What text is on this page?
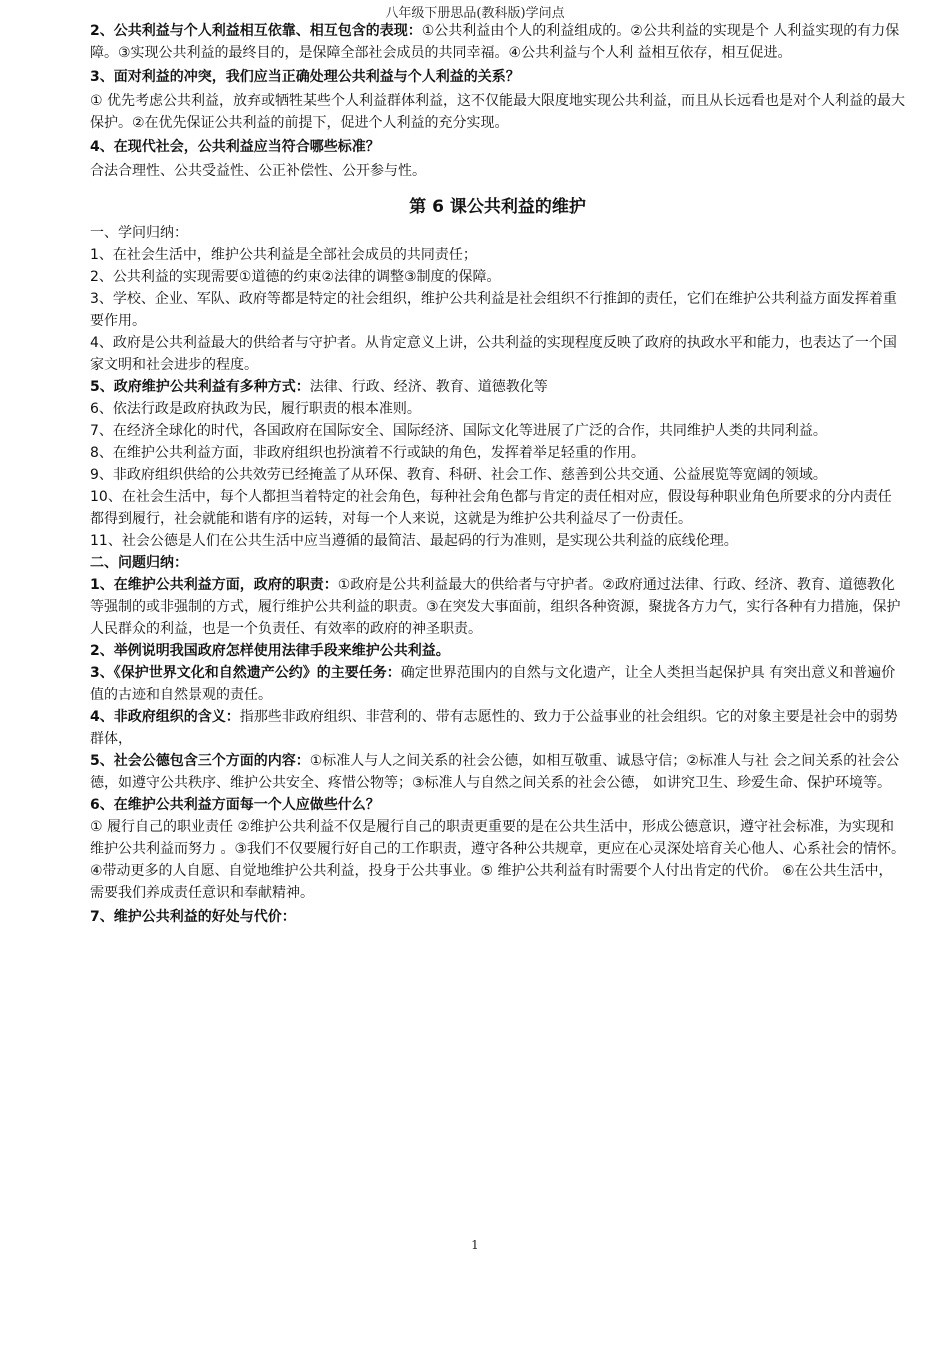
八年级下册思品(教科版)学问点

2、公共利益与个人利益相互依靠、相互包含的表现：①公共利益由个人的利益组成的。②公共利益的实现是个 人利益实现的有力保障。③实现公共利益的最终目的，是保障全部社会成员的共同幸福。④公共利益与个人利 益相互依存，相互促进。

3、面对利益的冲突，我们应当正确处理公共利益与个人利益的关系？

① 优先考虑公共利益，放弃或牺牲某些个人利益群体利益，这不仅能最大限度地实现公共利益，而且从长远看也是对个人利益的最大保护。②在优先保证公共利益的前提下，促进个人利益的充分实现。

4、在现代社会，公共利益应当符合哪些标准？

合法合理性、公共受益性、公正补偿性、公开参与性。

第 6 课公共利益的维护

一、学问归纳：

1、在社会生活中，维护公共利益是全部社会成员的共同责任；

2、公共利益的实现需要①道德的约束②法律的调整③制度的保障。

3、学校、企业、军队、政府等都是特定的社会组织，维护公共利益是社会组织不行推卸的责任，它们在维护公共利益方面发挥着重要作用。

4、政府是公共利益最大的供给者与守护者。从肯定意义上讲，公共利益的实现程度反映了政府的执政水平和能力，也表达了一个国家文明和社会进步的程度。

5、政府维护公共利益有多种方式：法律、行政、经济、教育、道德教化等

6、依法行政是政府执政为民，履行职责的根本准则。

7、在经济全球化的时代，各国政府在国际安全、国际经济、国际文化等进展了广泛的合作，共同维护人类的共同利益。

8、在维护公共利益方面，非政府组织也扮演着不行或缺的角色，发挥着举足轻重的作用。

9、非政府组织供给的公共效劳已经掩盖了从环保、教育、科研、社会工作、慈善到公共交通、公益展览等宽阔的领域。

10、在社会生活中，每个人都担当着特定的社会角色，每种社会角色都与肯定的责任相对应，假设每种职业角色所要求的分内责任都得到履行，社会就能和谐有序的运转，对每一个人来说，这就是为维护公共利益尽了一份责任。

11、社会公德是人们在公共生活中应当遵循的最简洁、最起码的行为准则，是实现公共利益的底线伦理。

二、问题归纳：

1、在维护公共利益方面，政府的职责：①政府是公共利益最大的供给者与守护者。②政府通过法律、行政、经济、教育、道德教化等强制的或非强制的方式，履行维护公共利益的职责。③在突发大事面前，组织各种资源，聚拢各方力气，实行各种有力措施，保护人民群众的利益，也是一个负责任、有效率的政府的神圣职责。

2、举例说明我国政府怎样使用法律手段来维护公共利益。

3、《保护世界文化和自然遗产公约》的主要任务：确定世界范围内的自然与文化遗产，让全人类担当起保护具 有突出意义和普遍价值的古迹和自然景观的责任。

4、非政府组织的含义：指那些非政府组织、非营利的、带有志愿性的、致力于公益事业的社会组织。它的对象主要是社会中的弱势群体，

5、社会公德包含三个方面的内容：①标准人与人之间关系的社会公德，如相互敬重、诚恳守信；②标准人与社 会之间关系的社会公德，如遵守公共秩序、维护公共安全、疼惜公物等；③标准人与自然之间关系的社会公德， 如讲究卫生、珍爱生命、保护环境等。

6、在维护公共利益方面每一个人应做些什么？

① 履行自己的职业责任 ②维护公共利益不仅是履行自己的职责更重要的是在公共生活中，形成公德意识，遵守社会标准，为实现和维护公共利益而努力 。③我们不仅要履行好自己的工作职责，遵守各种公共规章，更应在心灵深处培育关心他人、心系社会的情怀。④带动更多的人自愿、自觉地维护公共利益，投身于公共事业。⑤ 维护公共利益有时需要个人付出肯定的代价。 ⑥在公共生活中，需要我们养成责任意识和奉献精神。

7、维护公共利益的好处与代价：

1
